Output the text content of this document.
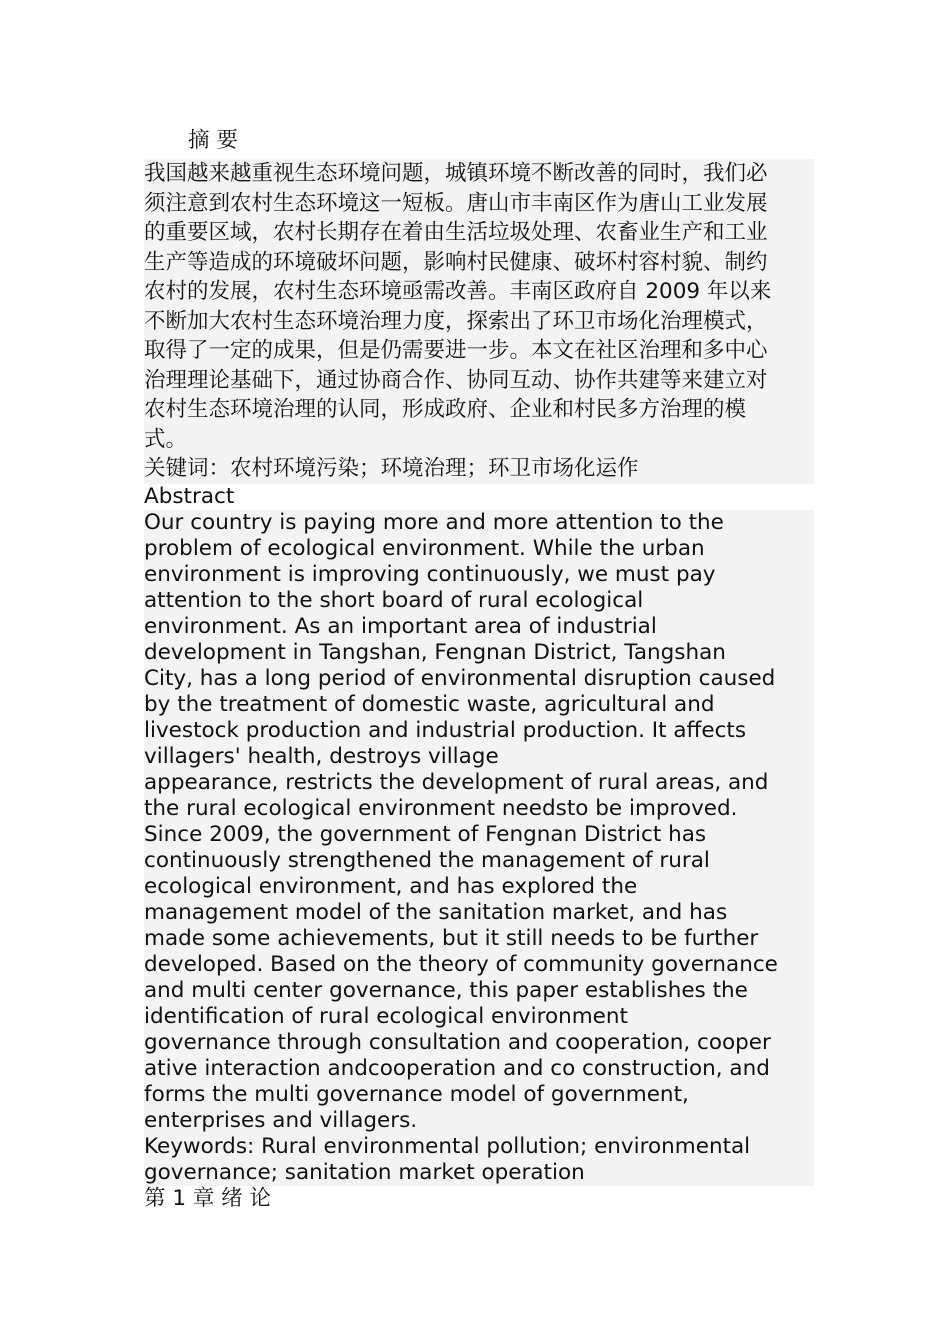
摘 要
我国越来越重视生态环境问题，城镇环境不断改善的同时，我们必
须注意到农村生态环境这一短板。唐山市丰南区作为唐山工业发展
的重要区域，农村长期存在着由生活垃圾处理、农畜业生产和工业
生产等造成的环境破坏问题，影响村民健康、破坏村容村貌、制约
农村的发展，农村生态环境亟需改善。丰南区政府自 2009 年以来
不断加大农村生态环境治理力度，探索出了环卫市场化治理模式，
取得了一定的成果，但是仍需要进一步。本文在社区治理和多中心
治理理论基础下，通过协商合作、协同互动、协作共建等来建立对
农村生态环境治理的认同，形成政府、企业和村民多方治理的模
式。
关键词：农村环境污染；环境治理；环卫市场化运作
Abstract
Our country is paying more and more attention to the
problem of ecological environment. While the urban
environment is improving continuously, we must pay
attention to the short board of rural ecological
environment. As an important area of industrial
development in Tangshan, Fengnan District, Tangshan
City, has a long period of environmental disruption caused
by the treatment of domestic waste, agricultural and
livestock production and industrial production. It affects
villagers' health, destroys village
appearance, restricts the development of rural areas, and
the rural ecological environment needsto be improved.
Since 2009, the government of Fengnan District has
continuously strengthened the management of rural
ecological environment, and has explored the
management model of the sanitation market, and has
made some achievements, but it still needs to be further
developed. Based on the theory of community governance
and multi center governance, this paper establishes the
identification of rural ecological environment
governance through consultation and cooperation, cooper
ative interaction andcooperation and co construction, and
forms the multi governance model of government,
enterprises and villagers.
Keywords: Rural environmental pollution; environmental
governance; sanitation market operation
第 1 章 绪 论
